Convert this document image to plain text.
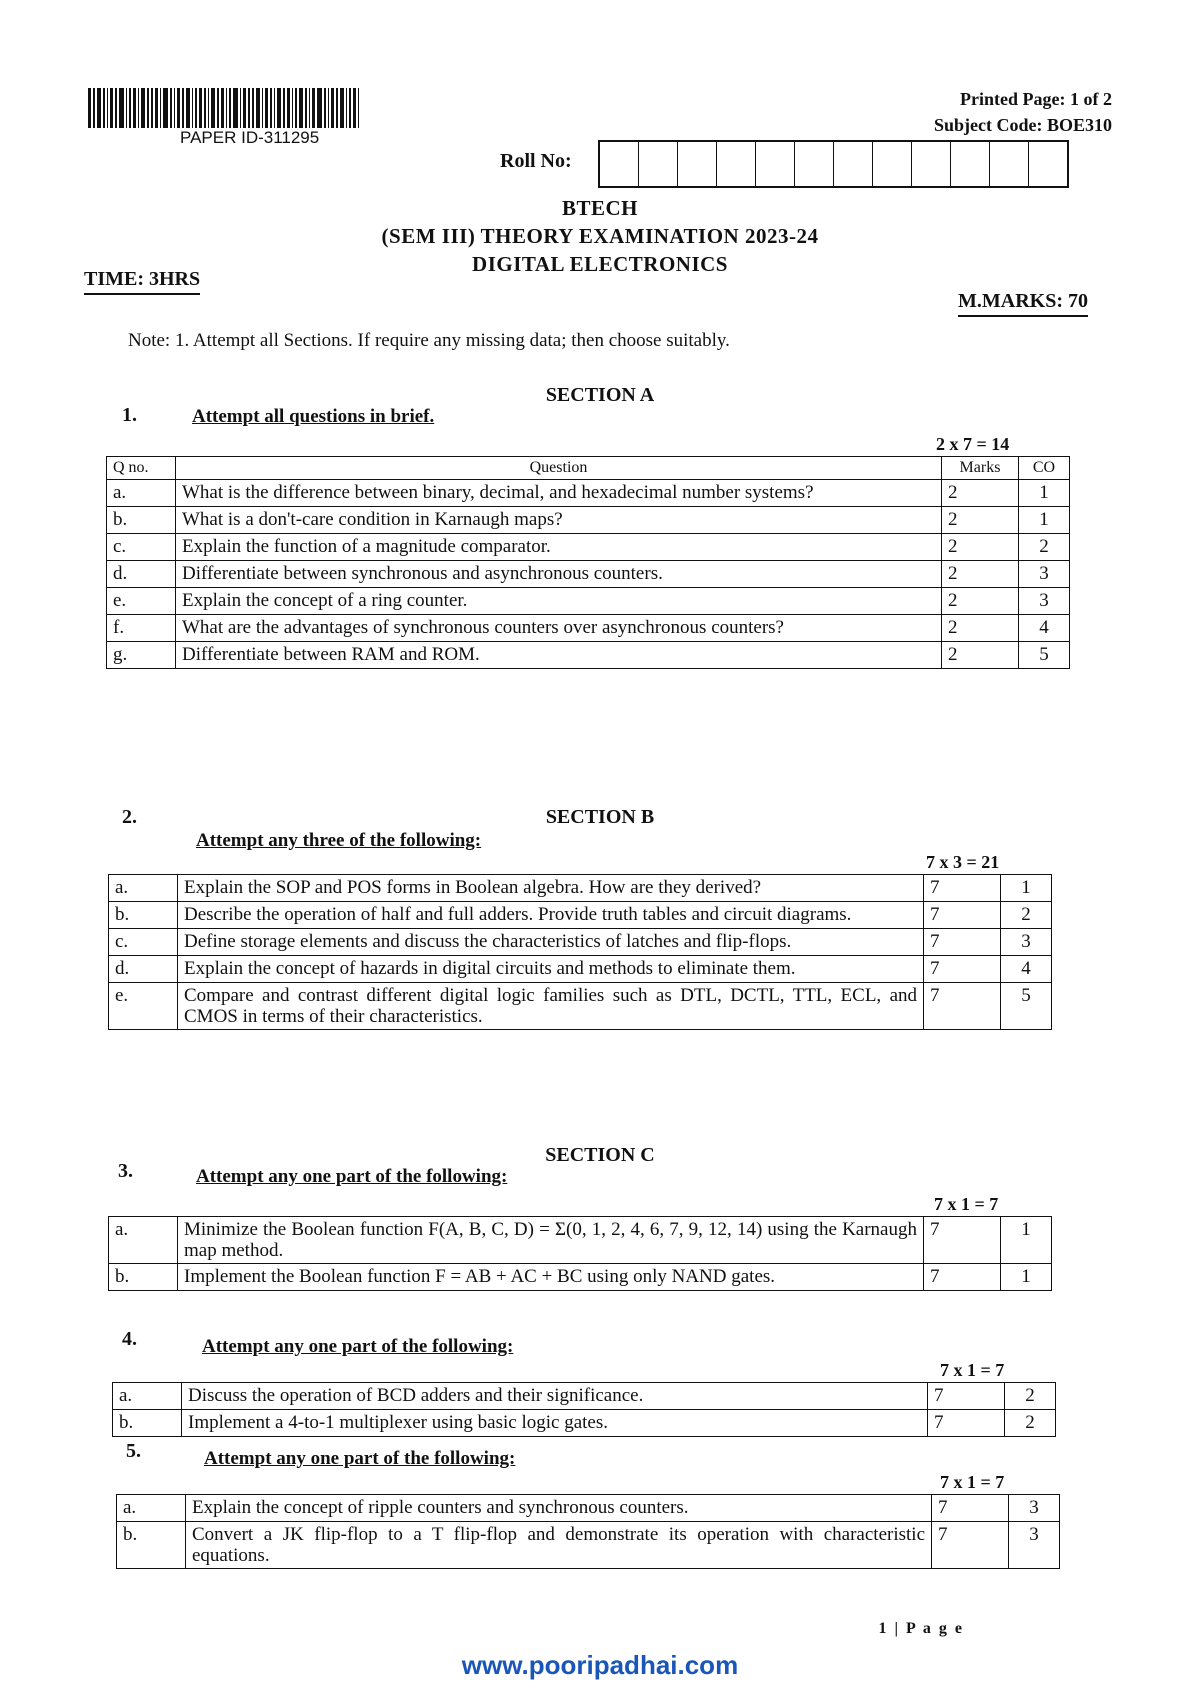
PAPER ID-311295
Printed Page: 1 of 2
Subject Code: BOE310
Roll No:
BTECH
(SEM III) THEORY EXAMINATION 2023-24
DIGITAL ELECTRONICS
TIME: 3HRS
M.MARKS: 70
Note: 1. Attempt all Sections. If require any missing data; then choose suitably.
SECTION A
1.	Attempt all questions in brief.
2 x 7 = 14
Q no.	Question	Marks	CO
a.	What is the difference between binary, decimal, and hexadecimal number systems?	2	1
b.	What is a don't-care condition in Karnaugh maps?	2	1
c.	Explain the function of a magnitude comparator.	2	2
d.	Differentiate between synchronous and asynchronous counters.	2	3
e.	Explain the concept of a ring counter.	2	3
f.	What are the advantages of synchronous counters over asynchronous counters?	2	4
g.	Differentiate between RAM and ROM.	2	5
SECTION B
2.
Attempt any three of the following:
7 x 3 = 21
a.	Explain the SOP and POS forms in Boolean algebra. How are they derived?	7	1
b.	Describe the operation of half and full adders. Provide truth tables and circuit diagrams.	7	2
c.	Define storage elements and discuss the characteristics of latches and flip-flops.	7	3
d.	Explain the concept of hazards in digital circuits and methods to eliminate them.	7	4
e.	Compare and contrast different digital logic families such as DTL, DCTL, TTL, ECL, and CMOS in terms of their characteristics.	7	5
SECTION C
3.	Attempt any one part of the following:
7 x 1 = 7
a.	Minimize the Boolean function F(A, B, C, D) = Σ(0, 1, 2, 4, 6, 7, 9, 12, 14) using the Karnaugh map method.	7	1
b.	Implement the Boolean function F = AB + AC + BC using only NAND gates.	7	1
4.	Attempt any one part of the following:
7 x 1 = 7
a.	Discuss the operation of BCD adders and their significance.	7	2
b.	Implement a 4-to-1 multiplexer using basic logic gates.	7	2
5.	Attempt any one part of the following:
7 x 1 = 7
a.	Explain the concept of ripple counters and synchronous counters.	7	3
b.	Convert a JK flip-flop to a T flip-flop and demonstrate its operation with characteristic equations.	7	3
1 | P a g e
www.pooripadhai.com
